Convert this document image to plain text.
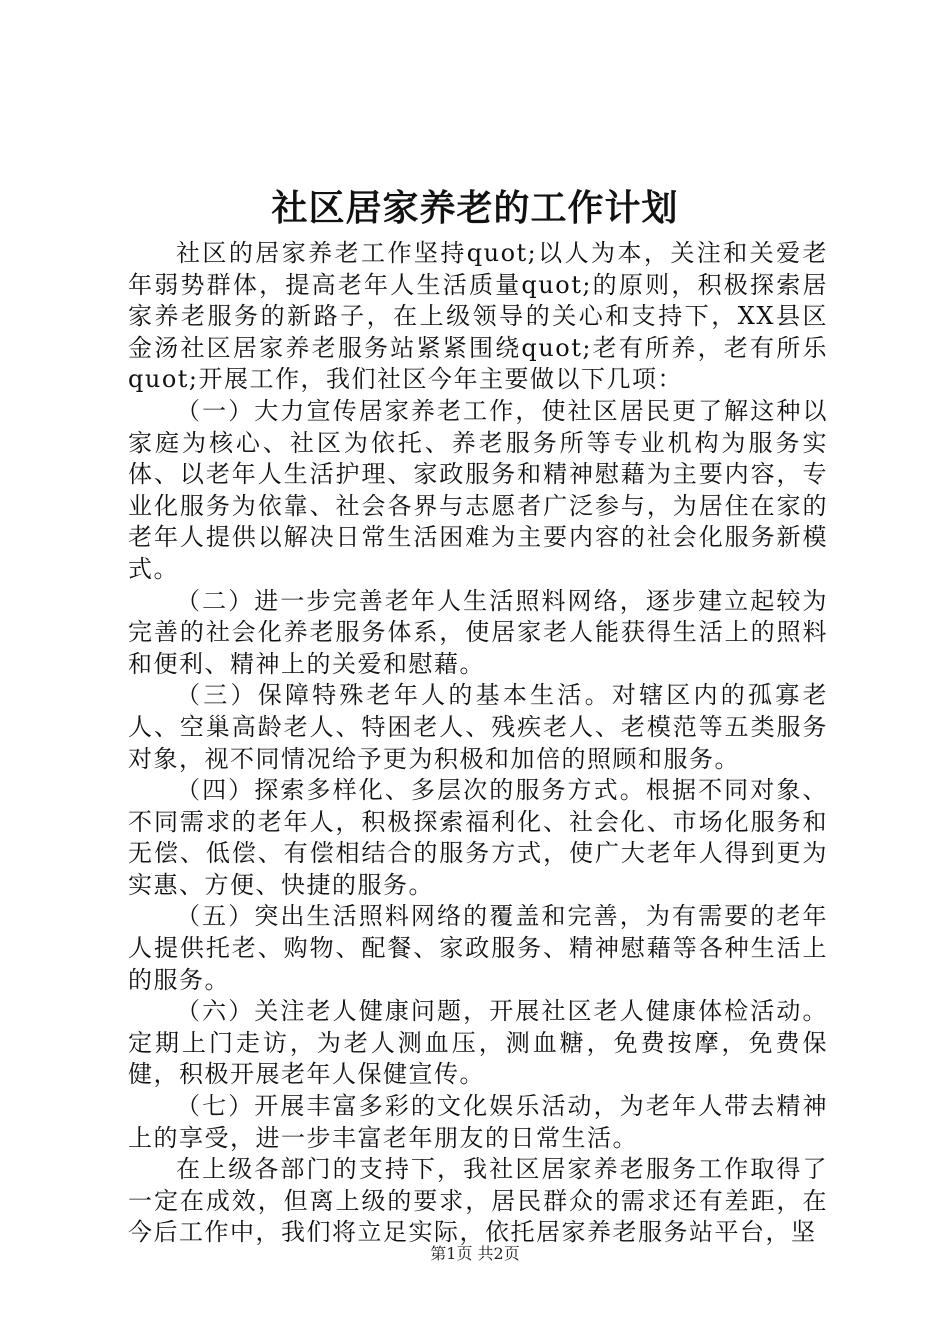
社区居家养老的工作计划

社区的居家养老工作坚持quot;以人为本，关注和关爱老年弱势群体，提高老年人生活质量quot;的原则，积极探索居家养老服务的新路子，在上级领导的关心和支持下，XX县区金汤社区居家养老服务站紧紧围绕quot;老有所养，老有所乐quot;开展工作，我们社区今年主要做以下几项：

（一）大力宣传居家养老工作，使社区居民更了解这种以家庭为核心、社区为依托、养老服务所等专业机构为服务实体、以老年人生活护理、家政服务和精神慰藉为主要内容，专业化服务为依靠、社会各界与志愿者广泛参与，为居住在家的老年人提供以解决日常生活困难为主要内容的社会化服务新模式。

（二）进一步完善老年人生活照料网络，逐步建立起较为完善的社会化养老服务体系，使居家老人能获得生活上的照料和便利、精神上的关爱和慰藉。

（三）保障特殊老年人的基本生活。对辖区内的孤寡老人、空巢高龄老人、特困老人、残疾老人、老模范等五类服务对象，视不同情况给予更为积极和加倍的照顾和服务。

（四）探索多样化、多层次的服务方式。根据不同对象、不同需求的老年人，积极探索福利化、社会化、市场化服务和无偿、低偿、有偿相结合的服务方式，使广大老年人得到更为实惠、方便、快捷的服务。

（五）突出生活照料网络的覆盖和完善，为有需要的老年人提供托老、购物、配餐、家政服务、精神慰藉等各种生活上的服务。

（六）关注老人健康问题，开展社区老人健康体检活动。定期上门走访，为老人测血压，测血糖，免费按摩，免费保健，积极开展老年人保健宣传。

（七）开展丰富多彩的文化娱乐活动，为老年人带去精神上的享受，进一步丰富老年朋友的日常生活。

在上级各部门的支持下，我社区居家养老服务工作取得了一定在成效，但离上级的要求，居民群众的需求还有差距，在今后工作中，我们将立足实际，依托居家养老服务站平台，坚

第1页 共2页
